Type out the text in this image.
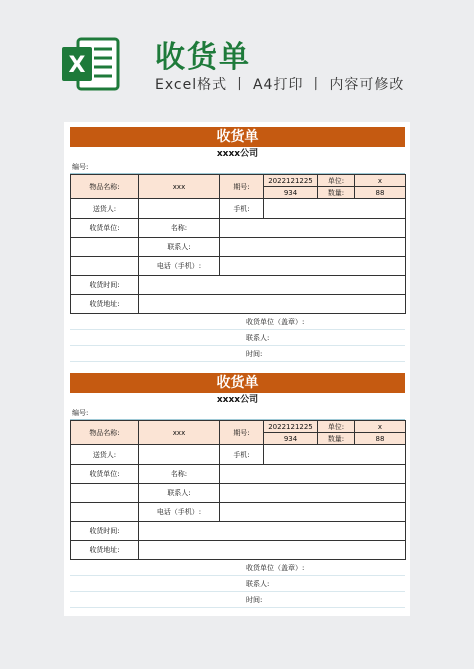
X 收货单
Excel格式 丨 A4打印 丨 内容可修改
收货单
xxxx公司
编号:
物品名称:	xxx	期号:	2022121225	单位:	x
			934	数量:	88
送货人:		手机:			
收货单位:	名称:				
	联系人:				
	电话（手机）:				
收货时间:					
收货地址:					
收货单位（盖章）:
联系人:
时间:
收货单
xxxx公司
编号:
物品名称:	xxx	期号:	2022121225	单位:	x
			934	数量:	88
送货人:		手机:			
收货单位:	名称:				
	联系人:				
	电话（手机）:				
收货时间:					
收货地址:					
收货单位（盖章）:
联系人:
时间:
